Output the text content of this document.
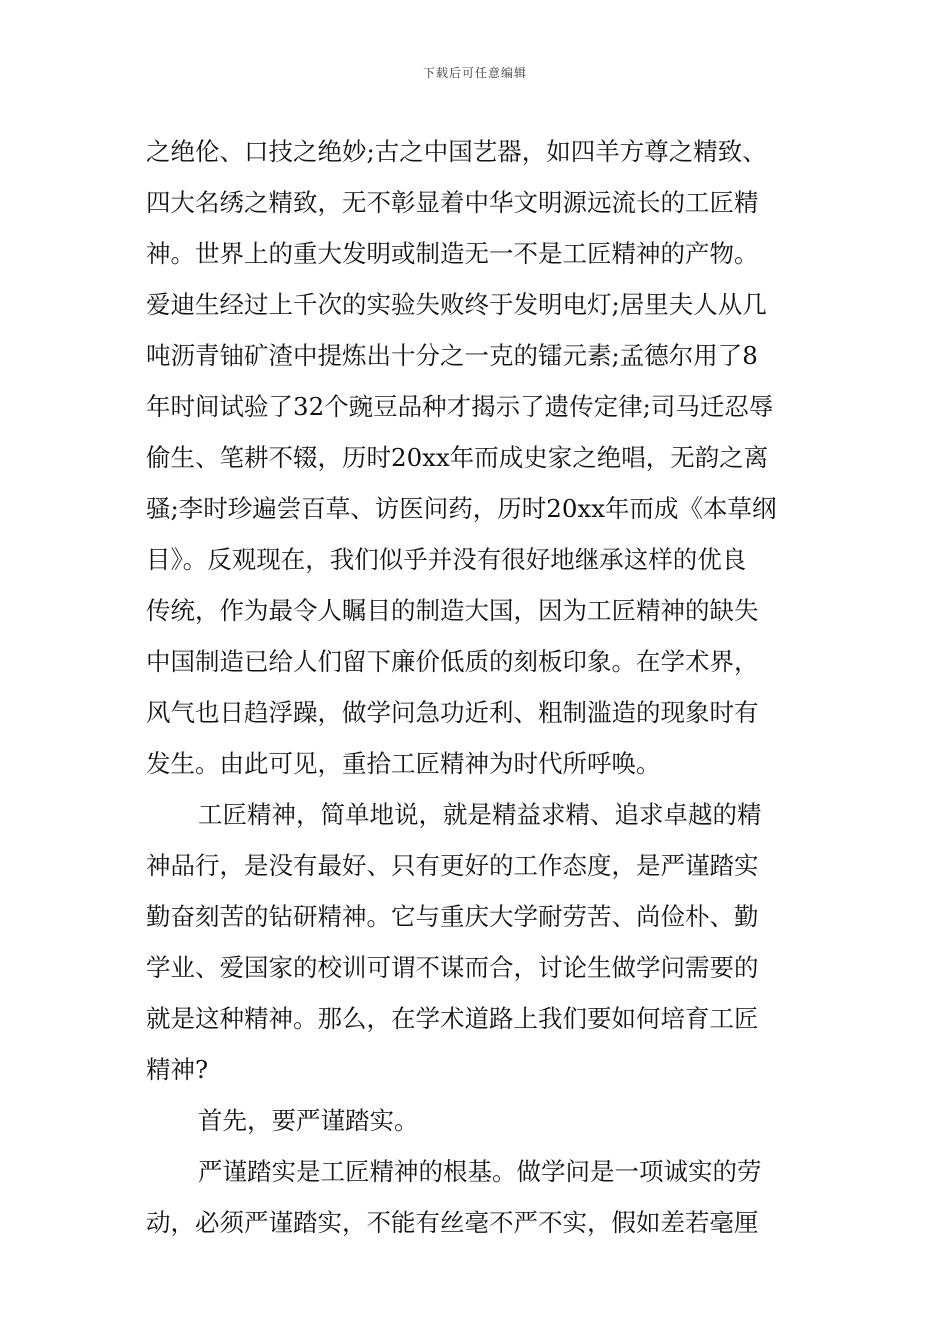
下载后可任意编辑
之绝伦、口技之绝妙;古之中国艺器，如四羊方尊之精致、
四大名绣之精致，无不彰显着中华文明源远流长的工匠精
神。世界上的重大发明或制造无一不是工匠精神的产物。
爱迪生经过上千次的实验失败终于发明电灯;居里夫人从几
吨沥青铀矿渣中提炼出十分之一克的镭元素;孟德尔用了8
年时间试验了32个豌豆品种才揭示了遗传定律;司马迁忍辱
偷生、笔耕不辍，历时20xx年而成史家之绝唱，无韵之离
骚;李时珍遍尝百草、访医问药，历时20xx年而成《本草纲
目》。反观现在，我们似乎并没有很好地继承这样的优良
传统，作为最令人瞩目的制造大国，因为工匠精神的缺失
中国制造已给人们留下廉价低质的刻板印象。在学术界，
风气也日趋浮躁，做学问急功近利、粗制滥造的现象时有
发生。由此可见，重拾工匠精神为时代所呼唤。
工匠精神，简单地说，就是精益求精、追求卓越的精
神品行，是没有最好、只有更好的工作态度，是严谨踏实
勤奋刻苦的钻研精神。它与重庆大学耐劳苦、尚俭朴、勤
学业、爱国家的校训可谓不谋而合，讨论生做学问需要的
就是这种精神。那么，在学术道路上我们要如何培育工匠
精神?
首先，要严谨踏实。
严谨踏实是工匠精神的根基。做学问是一项诚实的劳
动，必须严谨踏实，不能有丝毫不严不实，假如差若毫厘
